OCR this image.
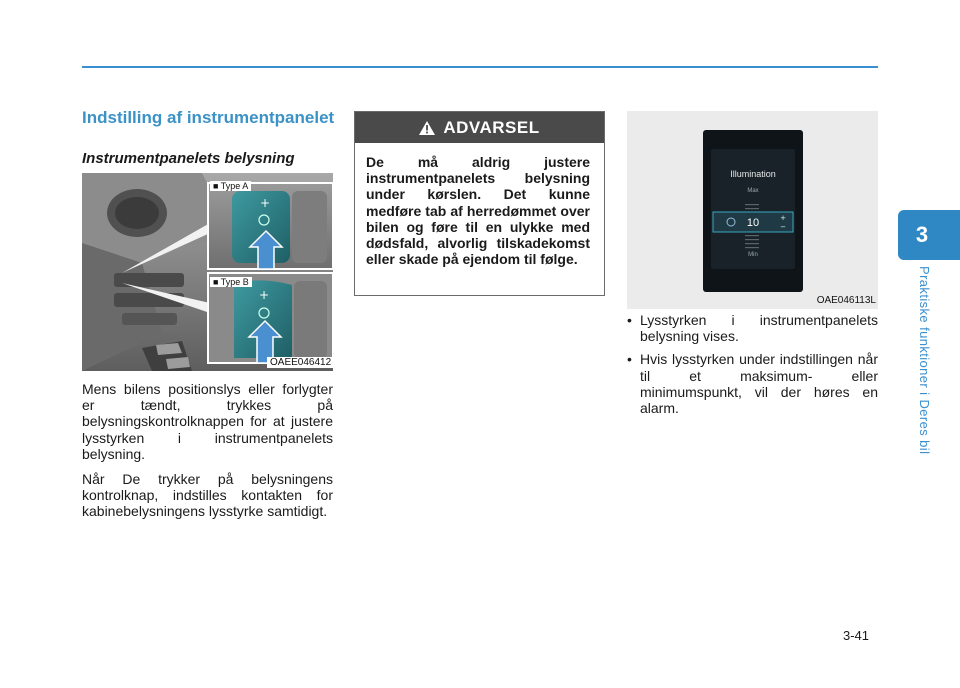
Indstilling af instrumentpanelet
Instrumentpanelets belysning
+
+
■ Type A
■ Type B
OAEE046412
Mens bilens positionslys eller forlygter er tændt, trykkes på belysningskontrolknappen for at justere lysstyrken i instrumentpanelets belysning.
Når De trykker på belysningens kontrolknap, indstilles kontakten for kabinebelysningens lysstyrke samtidigt.
ADVARSEL
De må aldrig justere instrumentpanelets belysning under kørslen. Det kunne medføre tab af herredømmet over bilen og føre til en ulykke med dødsfald, alvorlig tilskadekomst eller skade på ejendom til følge.
+
−
Illumination
Max
10
Min
OAE046113L
• Lysstyrken i instrumentpanelets belysning vises.
• Hvis lysstyrken under indstillingen når til et maksimum- eller minimumspunkt, vil der høres en alarm.
3
Praktiske funktioner i Deres bil
3-41
